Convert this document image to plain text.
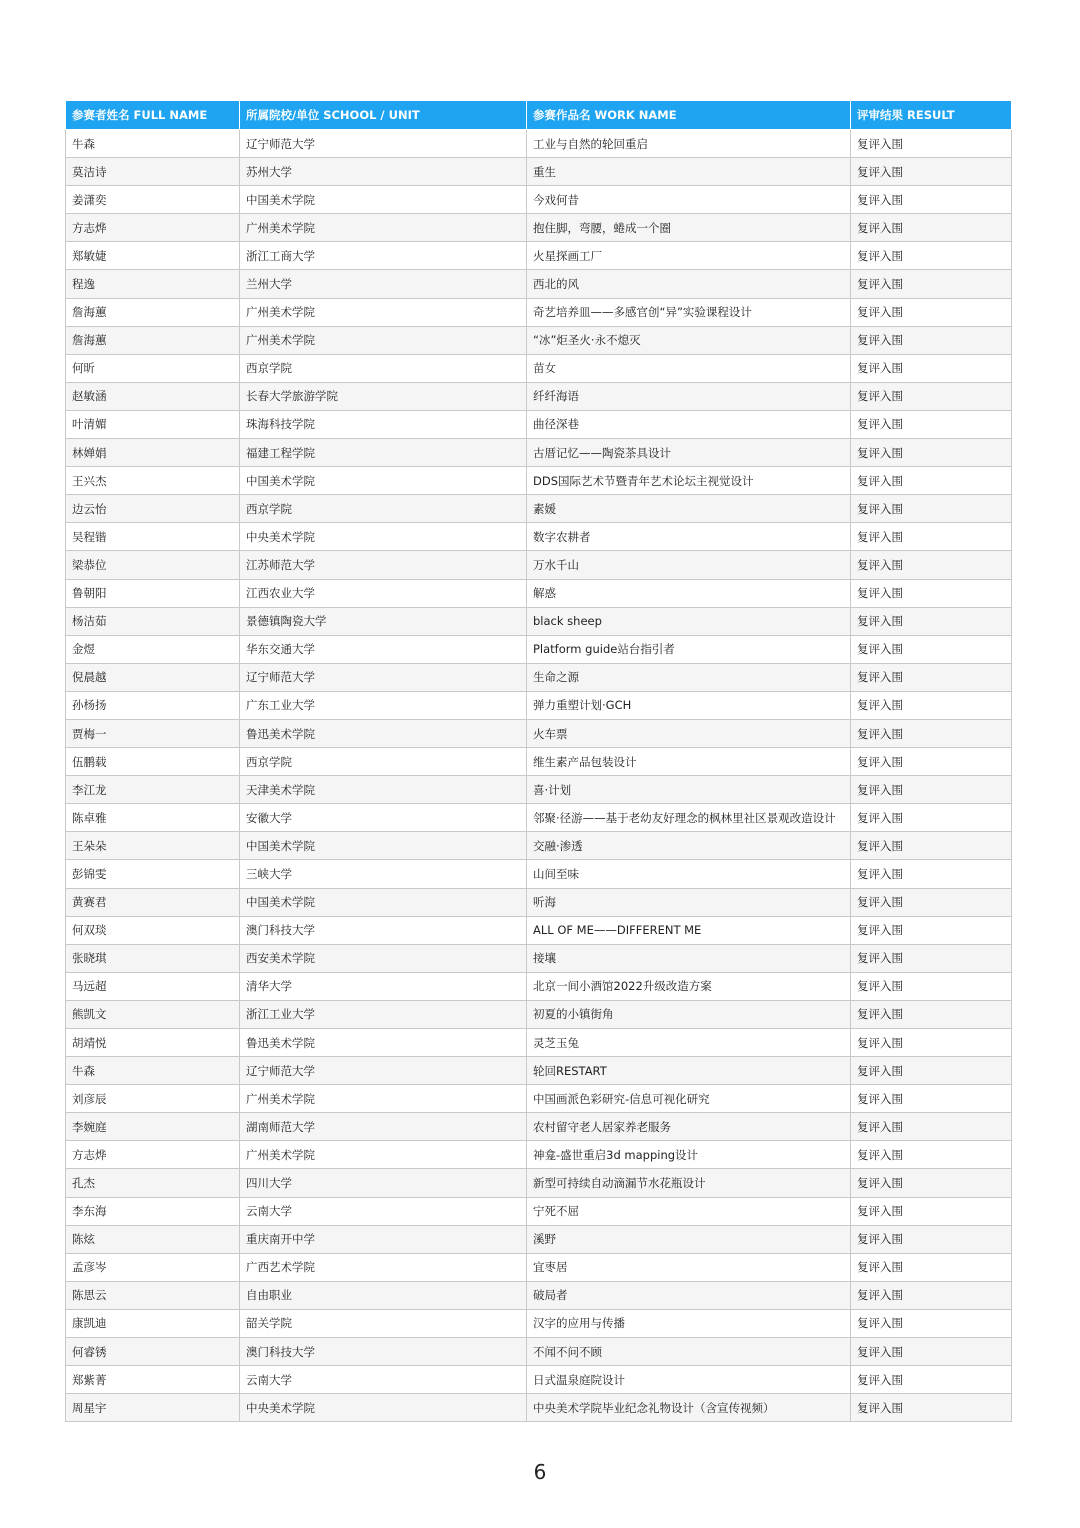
参赛者姓名 FULL NAME	所属院校/单位 SCHOOL / UNIT	参赛作品名 WORK NAME	评审结果 RESULT
牛森	辽宁师范大学	工业与自然的轮回重启	复评入围
莫洁诗	苏州大学	重生	复评入围
姜潇奕	中国美术学院	今戏何昔	复评入围
方志烨	广州美术学院	抱住脚，弯腰，蜷成一个圈	复评入围
郑敏婕	浙江工商大学	火星探画工厂	复评入围
程逸	兰州大学	西北的风	复评入围
詹海蕙	广州美术学院	奇艺培养皿——多感官创“异”实验课程设计	复评入围
詹海蕙	广州美术学院	“冰”炬圣火·永不熄灭	复评入围
何昕	西京学院	苗女	复评入围
赵敏涵	长春大学旅游学院	纤纤海语	复评入围
叶清媚	珠海科技学院	曲径深巷	复评入围
林婵娟	福建工程学院	古厝记忆——陶瓷茶具设计	复评入围
王兴杰	中国美术学院	DDS国际艺术节暨青年艺术论坛主视觉设计	复评入围
边云怡	西京学院	素媛	复评入围
吴程锴	中央美术学院	数字农耕者	复评入围
梁恭位	江苏师范大学	万水千山	复评入围
鲁朝阳	江西农业大学	解惑	复评入围
杨洁茹	景德镇陶瓷大学	black sheep	复评入围
金煜	华东交通大学	Platform guide站台指引者	复评入围
倪晨越	辽宁师范大学	生命之源	复评入围
孙杨扬	广东工业大学	弹力重塑计划·GCH	复评入围
贾梅一	鲁迅美术学院	火车票	复评入围
伍鹏载	西京学院	维生素产品包装设计	复评入围
李江龙	天津美术学院	喜·计划	复评入围
陈卓雅	安徽大学	邻聚·径游——基于老幼友好理念的枫林里社区景观改造设计	复评入围
王朵朵	中国美术学院	交融·渗透	复评入围
彭锦雯	三峡大学	山间至味	复评入围
黄赛君	中国美术学院	听海	复评入围
何双琰	澳门科技大学	ALL OF ME——DIFFERENT ME	复评入围
张晓琪	西安美术学院	接壤	复评入围
马远超	清华大学	北京一间小酒馆2022升级改造方案	复评入围
熊凯文	浙江工业大学	初夏的小镇街角	复评入围
胡靖悦	鲁迅美术学院	灵芝玉兔	复评入围
牛森	辽宁师范大学	轮回RESTART	复评入围
刘彦辰	广州美术学院	中国画派色彩研究-信息可视化研究	复评入围
李婉庭	湖南师范大学	农村留守老人居家养老服务	复评入围
方志烨	广州美术学院	神龛-盛世重启3d mapping设计	复评入围
孔杰	四川大学	新型可持续自动滴漏节水花瓶设计	复评入围
李东海	云南大学	宁死不屈	复评入围
陈炫	重庆南开中学	溪野	复评入围
孟彦岑	广西艺术学院	宜枣居	复评入围
陈思云	自由职业	破局者	复评入围
康凯迪	韶关学院	汉字的应用与传播	复评入围
何睿锈	澳门科技大学	不闻不问不顾	复评入围
郑紫菁	云南大学	日式温泉庭院设计	复评入围
周星宇	中央美术学院	中央美术学院毕业纪念礼物设计（含宣传视频）	复评入围
6
